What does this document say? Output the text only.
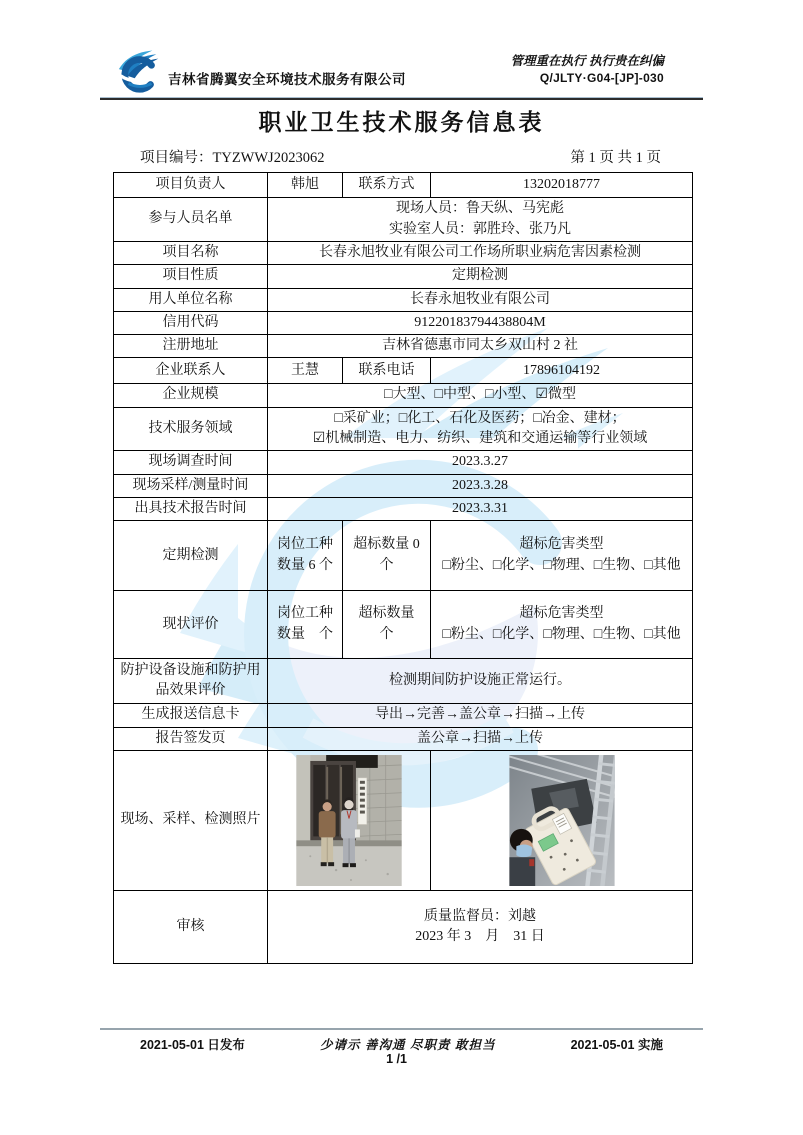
吉林省腾翼安全环境技术服务有限公司
管理重在执行 执行贵在纠偏
Q/JLTY·G04-[JP]-030
职业卫生技术服务信息表
项目编号：TYZWWJ2023062	第 1 页 共 1 页
项目负责人	韩旭	联系方式	13202018777
参与人员名单	现场人员：鲁天纵、马宪彪
实验室人员：郭胜玲、张乃凡		

项目名称	长春永旭牧业有限公司工作场所职业病危害因素检测		
项目性质	定期检测		
用人单位名称	长春永旭牧业有限公司		
信用代码	91220183794438804M		
注册地址	吉林省德惠市同太乡双山村 2 社		
企业联系人	王慧	联系电话	17896104192
企业规模	□大型、□中型、□小型、☑微型		
技术服务领域	□采矿业；□化工、石化及医药；□冶金、建材；
☑机械制造、电力、纺织、建筑和交通运输等行业领域		

现场调查时间	2023.3.27		
现场采样/测量时间	2023.3.28		
出具技术报告时间	2023.3.31		
定期检测	岗位工种数量 6 个	超标数量 0 个	超标危害类型
□粉尘、□化学、□物理、□生物、□其他

现状评价	岗位工种数量　个	超标数量　个	超标危害类型
□粉尘、□化学、□物理、□生物、□其他

防护设备设施和防护用品效果评价	检测期间防护设施正常运行。		
生成报送信息卡	导出→完善→盖公章→扫描→上传		
报告签发页	盖公章→扫描→上传		
现场、采样、检测照片	

审核	质量监督员：刘越
2023 年 3　月　31 日		
2021-05-01 日发布	少请示 善沟通 尽职责 敢担当	2021-05-01 实施
1 /1
